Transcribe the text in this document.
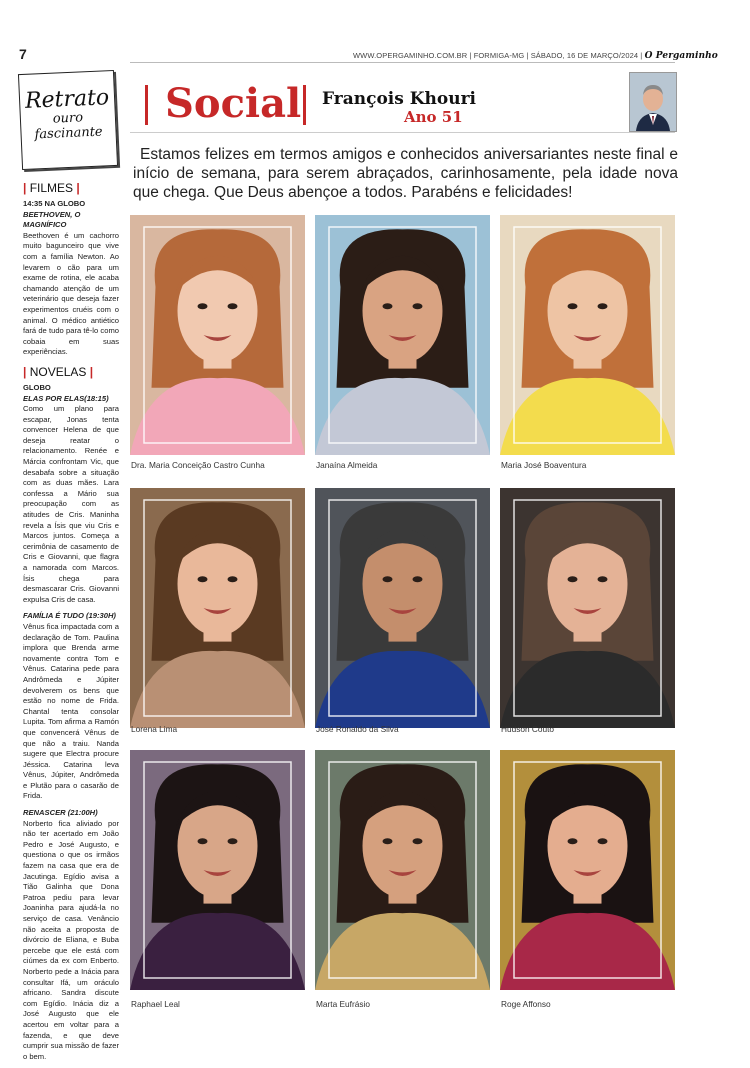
7	WWW.OPERGAMINHO.COM.BR | FORMIGA-MG | SÁBADO, 16 DE MARÇO/2024 | O Pergaminho
Retrato
ouro
fascinante
Social François Khouri
Ano 51
Estamos felizes em termos amigos e conhecidos aniversariantes neste final e início de semana, para serem abraçados, carinhosamente, pela idade nova que chega. Que Deus abençoe a todos. Parabéns e felicidades!
| FILMES |
14:35 NA GLOBO
BEETHOVEN, O MAGNÍFICO
Beethoven é um cachorro muito bagunceiro que vive com a família Newton. Ao levarem o cão para um exame de rotina, ele acaba chamando atenção de um veterinário que deseja fazer experimentos cruéis com o animal. O médico antiético fará de tudo para tê-lo como cobaia em suas experiências.
| NOVELAS |
GLOBO
ELAS POR ELAS(18:15)
Como um plano para escapar, Jonas tenta convencer Helena de que deseja reatar o relacionamento. Renée e Márcia confrontam Vic, que desabafa sobre a situação com as duas mães. Lara confessa a Mário sua preocupação com as atitudes de Cris. Maninha revela a Ísis que viu Cris e Marcos juntos. Começa a cerimônia de casamento de Cris e Giovanni, que flagra a namorada com Marcos. Ísis chega para desmascarar Cris. Giovanni expulsa Cris de casa.
FAMÍLIA É TUDO (19:30H)
Vênus fica impactada com a declaração de Tom. Paulina implora que Brenda arme novamente contra Tom e Vênus. Catarina pede para Andrômeda e Júpiter devolverem os bens que estão no nome de Frida. Chantal tenta consolar Lupita. Tom afirma a Ramón que convencerá Vênus de que não a traiu. Nanda sugere que Electra procure Jéssica. Catarina leva Vênus, Júpiter, Andrômeda e Plutão para o casarão de Frida.
RENASCER (21:00H)
Norberto fica aliviado por não ter acertado em João Pedro e José Augusto, e questiona o que os irmãos fazem na casa que era de Jacutinga. Egídio avisa a Tião Galinha que Dona Patroa pediu para levar Joaninha para ajudá-la no serviço de casa. Venâncio não aceita a proposta de divórcio de Eliana, e Buba percebe que ele está com ciúmes da ex com Enberto. Norberto pede a Inácia para consultar Ifá, um oráculo africano. Sandra discute com Egídio. Inácia diz a José Augusto que ele acertou em voltar para a fazenda, e que deve cumprir sua missão de fazer o bem.
Dra. Maria Conceição Castro Cunha	Janaína Almeida	Maria José Boaventura
Lorena Lima	José Ronaldo da Silva	Hudson Couto
Raphael Leal	Marta Eufrásio	Roge Affonso
